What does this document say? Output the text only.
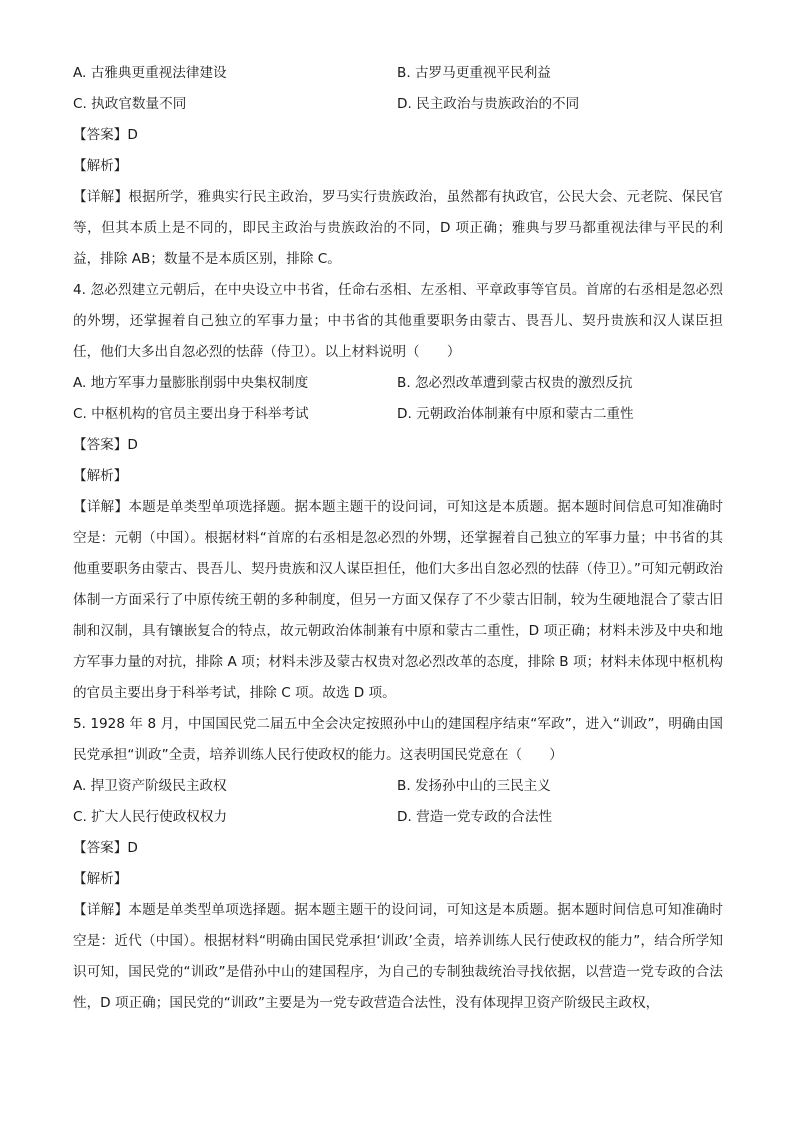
A. 古雅典更重视法律建设	B. 古罗马更重视平民利益
C. 执政官数量不同	D. 民主政治与贵族政治的不同
【答案】D
【解析】
【详解】根据所学，雅典实行民主政治，罗马实行贵族政治，虽然都有执政官，公民大会、元老院、保民官等，但其本质上是不同的，即民主政治与贵族政治的不同，D 项正确；雅典与罗马都重视法律与平民的利益，排除 AB；数量不是本质区别，排除 C。
4. 忽必烈建立元朝后，在中央设立中书省，任命右丞相、左丞相、平章政事等官员。首席的右丞相是忽必烈的外甥，还掌握着自己独立的军事力量；中书省的其他重要职务由蒙古、畏吾儿、契丹贵族和汉人谋臣担任，他们大多出自忽必烈的怯薛（侍卫）。以上材料说明（　　）
A. 地方军事力量膨胀削弱中央集权制度	B. 忽必烈改革遭到蒙古权贵的激烈反抗
C. 中枢机构的官员主要出身于科举考试	D. 元朝政治体制兼有中原和蒙古二重性
【答案】D
【解析】
【详解】本题是单类型单项选择题。据本题主题干的设问词，可知这是本质题。据本题时间信息可知准确时空是：元朝（中国）。根据材料“首席的右丞相是忽必烈的外甥，还掌握着自己独立的军事力量；中书省的其他重要职务由蒙古、畏吾儿、契丹贵族和汉人谋臣担任，他们大多出自忽必烈的怯薛（侍卫）。”可知元朝政治体制一方面采行了中原传统王朝的多种制度，但另一方面又保存了不少蒙古旧制，较为生硬地混合了蒙古旧制和汉制，具有镶嵌复合的特点，故元朝政治体制兼有中原和蒙古二重性，D 项正确；材料未涉及中央和地方军事力量的对抗，排除 A 项；材料未涉及蒙古权贵对忽必烈改革的态度，排除 B 项；材料未体现中枢机构的官员主要出身于科举考试，排除 C 项。故选 D 项。
5. 1928 年 8 月，中国国民党二届五中全会决定按照孙中山的建国程序结束“军政”，进入“训政”，明确由国民党承担“训政”全责，培养训练人民行使政权的能力。这表明国民党意在（　　）
A. 捍卫资产阶级民主政权	B. 发扬孙中山的三民主义
C. 扩大人民行使政权权力	D. 营造一党专政的合法性
【答案】D
【解析】
【详解】本题是单类型单项选择题。据本题主题干的设问词，可知这是本质题。据本题时间信息可知准确时空是：近代（中国）。根据材料“明确由国民党承担‘训政’全责，培养训练人民行使政权的能力”，结合所学知识可知，国民党的“训政”是借孙中山的建国程序，为自己的专制独裁统治寻找依据，以营造一党专政的合法性，D 项正确；国民党的“训政”主要是为一党专政营造合法性，没有体现捍卫资产阶级民主政权，
